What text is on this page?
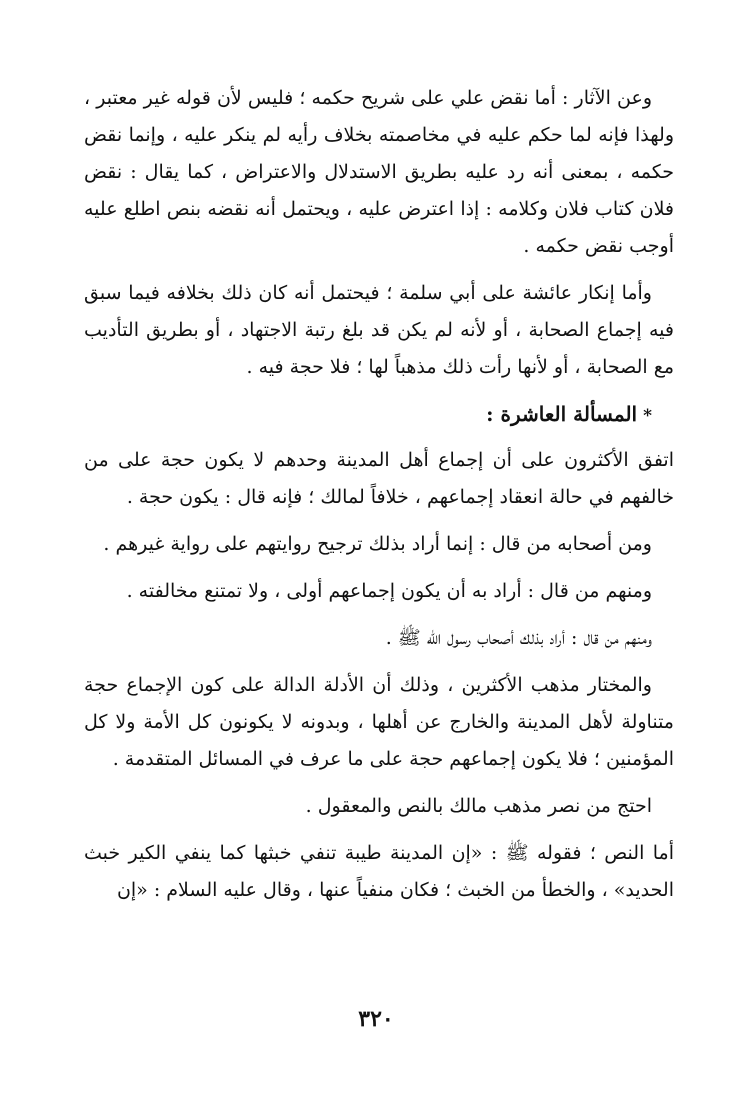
وعن الآثار : أما نقض علي على شريح حكمه ؛ فليس لأن قوله غير معتبر ، ولهذا فإنه لما حكم عليه في مخاصمته بخلاف رأيه لم ينكر عليه ، وإنما نقض حكمه ، بمعنى أنه رد عليه بطريق الاستدلال والاعتراض ، كما يقال : نقض فلان كتاب فلان وكلامه : إذا اعترض عليه ، ويحتمل أنه نقضه بنص اطلع عليه أوجب نقض حكمه .

وأما إنكار عائشة على أبي سلمة ؛ فيحتمل أنه كان ذلك بخلافه فيما سبق فيه إجماع الصحابة ، أو لأنه لم يكن قد بلغ رتبة الاجتهاد ، أو بطريق التأديب مع الصحابة ، أو لأنها رأت ذلك مذهباً لها ؛ فلا حجة فيه .

*المسألة العاشرة :

اتفق الأكثرون على أن إجماع أهل المدينة وحدهم لا يكون حجة على من خالفهم في حالة انعقاد إجماعهم ، خلافاً لمالك ؛ فإنه قال : يكون حجة .

ومن أصحابه من قال : إنما أراد بذلك ترجيح روايتهم على رواية غيرهم .

ومنهم من قال : أراد به أن يكون إجماعهم أولى ، ولا تمتنع مخالفته .

ومنهم من قال : أراد بذلك أصحاب رسول الله ﷺ .

والمختار مذهب الأكثرين ، وذلك أن الأدلة الدالة على كون الإجماع حجة متناولة لأهل المدينة والخارج عن أهلها ، وبدونه لا يكونون كل الأمة ولا كل المؤمنين ؛ فلا يكون إجماعهم حجة على ما عرف في المسائل المتقدمة .

احتج من نصر مذهب مالك بالنص والمعقول .

أما النص ؛ فقوله ﷺ : «إن المدينة طيبة تنفي خبثها كما ينفي الكير خبث الحديد» ، والخطأ من الخبث ؛ فكان منفياً عنها ، وقال عليه السلام : «إن

٣٢٠
